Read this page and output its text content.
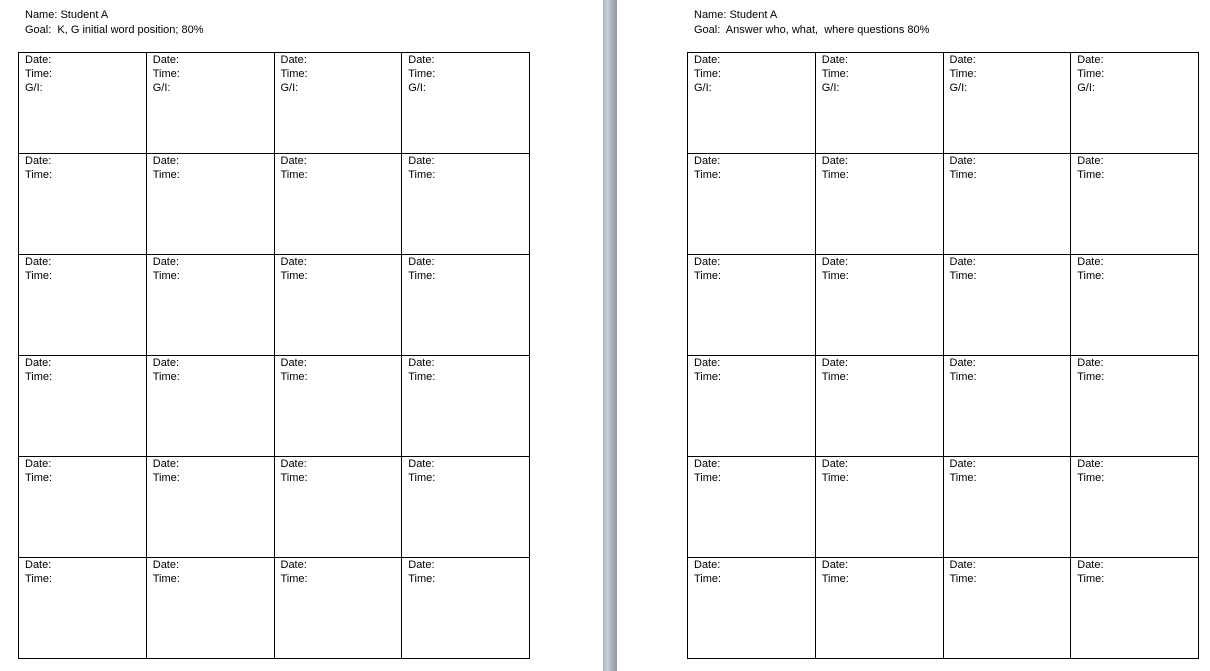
Name: Student A
Goal:  K, G initial word position; 80%
Date:
Time:
G/I:	Date:
Time:
G/I:	Date:
Time:
G/I:	Date:
Time:
G/I:

Date:
Time:	Date:
Time:	Date:
Time:	Date:
Time:

Date:
Time:	Date:
Time:	Date:
Time:	Date:
Time:

Date:
Time:	Date:
Time:	Date:
Time:	Date:
Time:

Date:
Time:	Date:
Time:	Date:
Time:	Date:
Time:

Date:
Time:	Date:
Time:	Date:
Time:	Date:
Time:
Name: Student A
Goal:  Answer who, what,  where questions 80%
Date:
Time:
G/I:	Date:
Time:
G/I:	Date:
Time:
G/I:	Date:
Time:
G/I:

Date:
Time:	Date:
Time:	Date:
Time:	Date:
Time:

Date:
Time:	Date:
Time:	Date:
Time:	Date:
Time:

Date:
Time:	Date:
Time:	Date:
Time:	Date:
Time:

Date:
Time:	Date:
Time:	Date:
Time:	Date:
Time:

Date:
Time:	Date:
Time:	Date:
Time:	Date:
Time:
